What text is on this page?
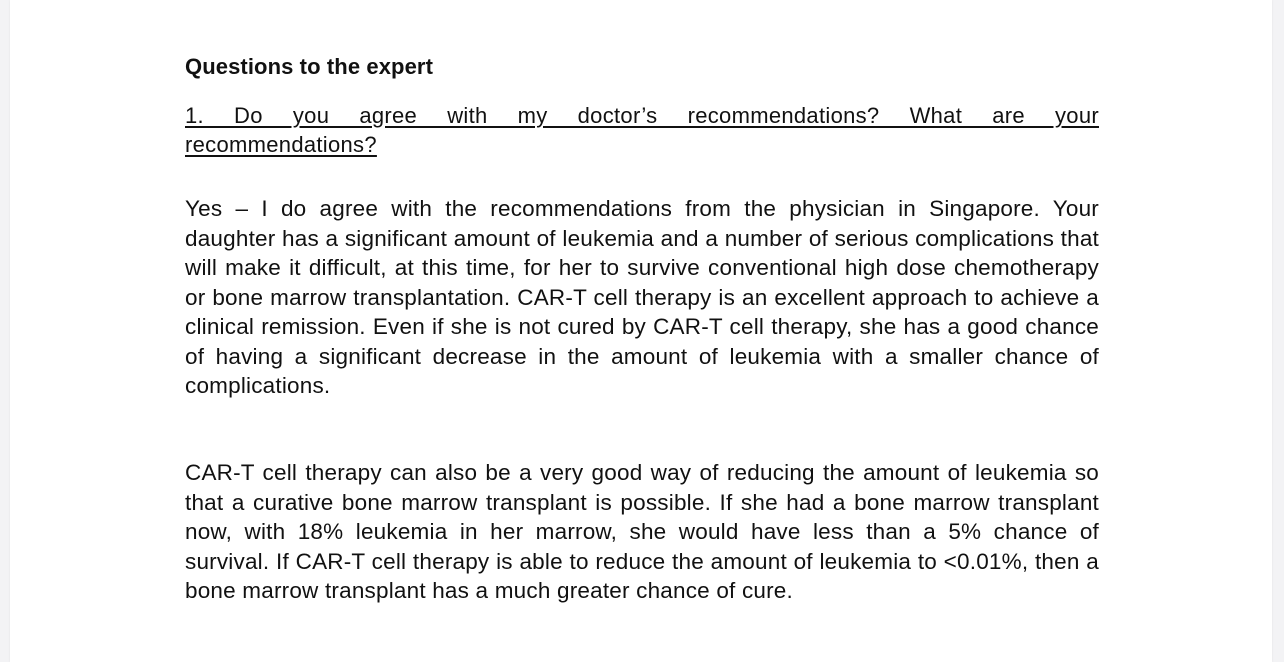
Questions to the expert
1. Do you agree with my doctor’s recommendations? What are your recommendations?
Yes – I do agree with the recommendations from the physician in Singapore. Your daughter has a significant amount of leukemia and a number of serious complications that will make it difficult, at this time, for her to survive conventional high dose chemotherapy or bone marrow transplantation. CAR-T cell therapy is an excellent approach to achieve a clinical remission. Even if she is not cured by CAR-T cell therapy, she has a good chance of having a significant decrease in the amount of leukemia with a smaller chance of complications.
CAR-T cell therapy can also be a very good way of reducing the amount of leukemia so that a curative bone marrow transplant is possible. If she had a bone marrow transplant now, with 18% leukemia in her marrow, she would have less than a 5% chance of survival. If CAR-T cell therapy is able to reduce the amount of leukemia to <0.01%, then a bone marrow transplant has a much greater chance of cure.
